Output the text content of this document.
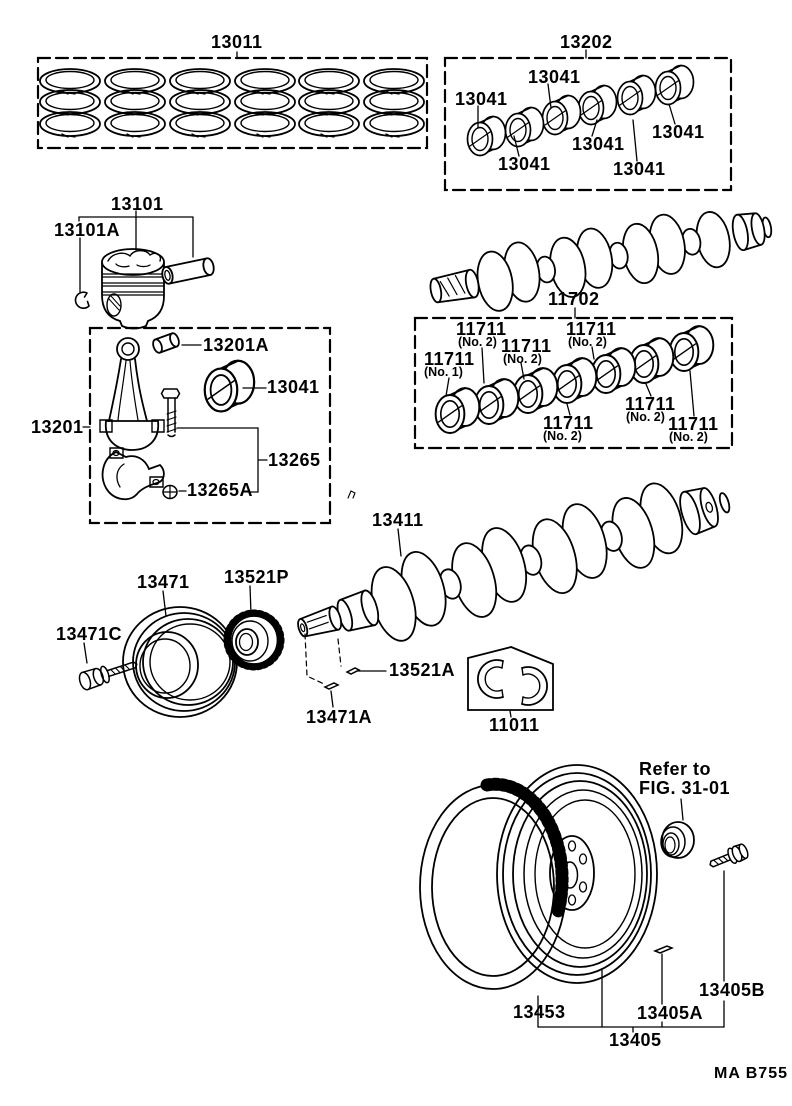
13011	13202
13041
13041
13041
13041
13041	13041
13101
13101A
11702
11711
(No. 2) 11711
(No. 2)
11711
(No. 2)
11711
(No. 1)
11711
(No. 2)
11711
(No. 2) 11711
(No. 2)
13201A
13041
13201
13265
13265A
13411
13471 13521P
13471C
13521A
13471A	11011
Refer to
FIG. 31-01
13453	13405A
13405B
13405
MA B755
